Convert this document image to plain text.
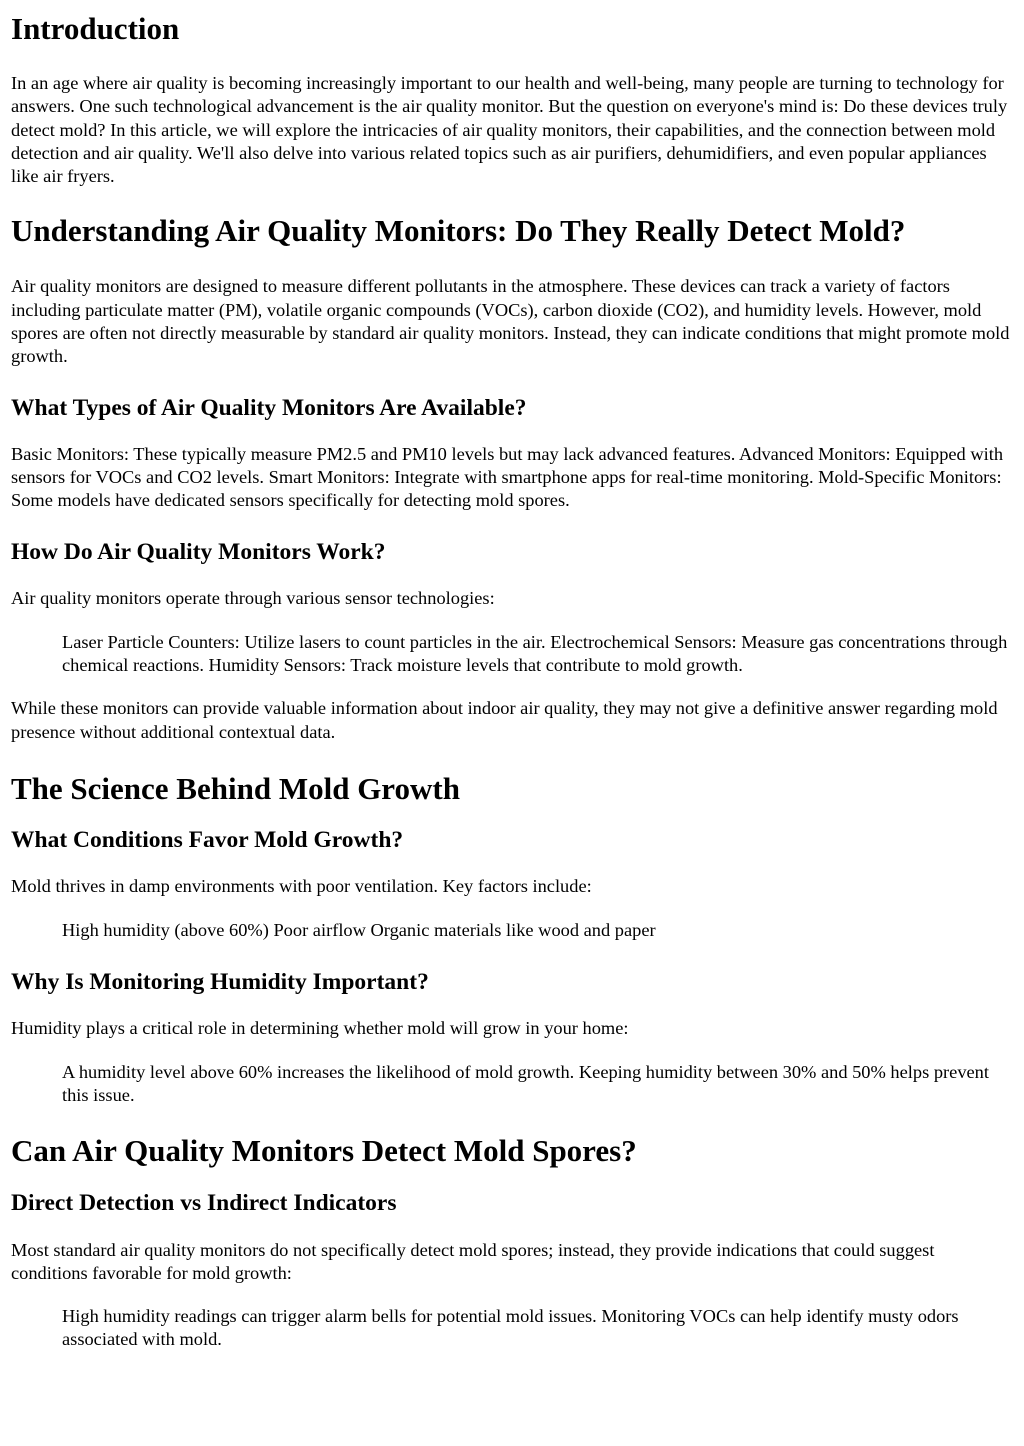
Introduction

In an age where air quality is becoming increasingly important to our health and well-being, many people are turning to technology for answers. One such technological advancement is the air quality monitor. But the question on everyone's mind is: Do these devices truly detect mold? In this article, we will explore the intricacies of air quality monitors, their capabilities, and the connection between mold detection and air quality. We'll also delve into various related topics such as air purifiers, dehumidifiers, and even popular appliances like air fryers.

Understanding Air Quality Monitors: Do They Really Detect Mold?

Air quality monitors are designed to measure different pollutants in the atmosphere. These devices can track a variety of factors including particulate matter (PM), volatile organic compounds (VOCs), carbon dioxide (CO2), and humidity levels. However, mold spores are often not directly measurable by standard air quality monitors. Instead, they can indicate conditions that might promote mold growth.

What Types of Air Quality Monitors Are Available?

Basic Monitors: These typically measure PM2.5 and PM10 levels but may lack advanced features. Advanced Monitors: Equipped with sensors for VOCs and CO2 levels. Smart Monitors: Integrate with smartphone apps for real-time monitoring. Mold-Specific Monitors: Some models have dedicated sensors specifically for detecting mold spores.

How Do Air Quality Monitors Work?

Air quality monitors operate through various sensor technologies:

Laser Particle Counters: Utilize lasers to count particles in the air. Electrochemical Sensors: Measure gas concentrations through chemical reactions. Humidity Sensors: Track moisture levels that contribute to mold growth.

While these monitors can provide valuable information about indoor air quality, they may not give a definitive answer regarding mold presence without additional contextual data.

The Science Behind Mold Growth
What Conditions Favor Mold Growth?

Mold thrives in damp environments with poor ventilation. Key factors include:

High humidity (above 60%) Poor airflow Organic materials like wood and paper
Why Is Monitoring Humidity Important?

Humidity plays a critical role in determining whether mold will grow in your home:

A humidity level above 60% increases the likelihood of mold growth. Keeping humidity between 30% and 50% helps prevent this issue.
Can Air Quality Monitors Detect Mold Spores?
Direct Detection vs Indirect Indicators

Most standard air quality monitors do not specifically detect mold spores; instead, they provide indications that could suggest conditions favorable for mold growth:

High humidity readings can trigger alarm bells for potential mold issues. Monitoring VOCs can help identify musty odors associated with mold.
